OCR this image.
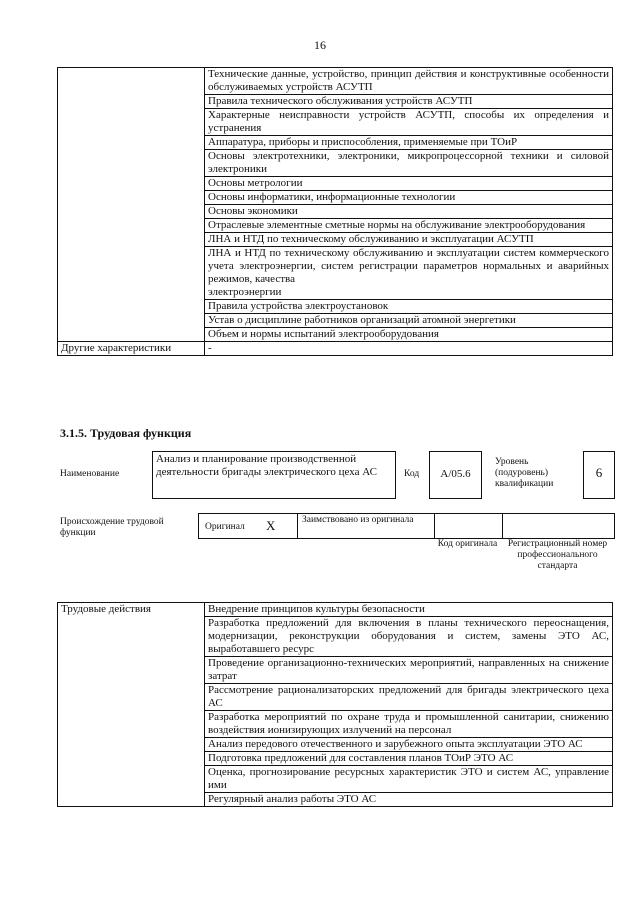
16
	Технические данные, устройство, принцип действия и конструктивные особенности обслуживаемых устройств АСУТП
	Правила технического обслуживания устройств АСУТП
	Характерные неисправности устройств АСУТП, способы их определения и устранения
	Аппаратура, приборы и приспособления, применяемые при ТОиР
	Основы электротехники, электроники, микропроцессорной техники и силовой электроники
	Основы метрологии
	Основы информатики, информационные технологии
	Основы экономики
	Отраслевые элементные сметные нормы на обслуживание электрооборудования
	ЛНА и НТД по техническому обслуживанию и эксплуатации АСУТП

	ЛНА и НТД по техническому обслуживанию и эксплуатации систем коммерческого учета электроэнергии, систем регистрации параметров нормальных и аварийных режимов, качества
электроэнергии

	Правила устройства электроустановок
	Устав о дисциплине работников организаций атомной энергетики
	Объем и нормы испытаний электрооборудования
Другие характеристики	-
3.1.5. Трудовая функция
Наименование
Анализ и планирование производственной деятельности бригады электрического цеха АС	Код	A/05.6
Уровень (подуровень) квалификации
6
Происхождение трудовой функции
Оригинал X	Заимствовано из оригинала
Код оригинала	Регистрационный номер профессионального стандарта
Трудовые действия	Внедрение принципов культуры безопасности
Разработка предложений для включения в планы технического переоснащения, модернизации, реконструкции оборудования и систем, замены ЭТО АС, выработавшего ресурс
Проведение организационно-технических мероприятий, направленных на снижение затрат
Рассмотрение рационализаторских предложений для бригады электрического цеха АС
Разработка мероприятий по охране труда и промышленной санитарии, снижению воздействия ионизирующих излучений на персонал
Анализ передового отечественного и зарубежного опыта эксплуатации ЭТО АС
Подготовка предложений для составления планов ТОиР ЭТО АС
Оценка, прогнозирование ресурсных характеристик ЭТО и систем АС, управление ими
Регулярный анализ работы ЭТО АС
